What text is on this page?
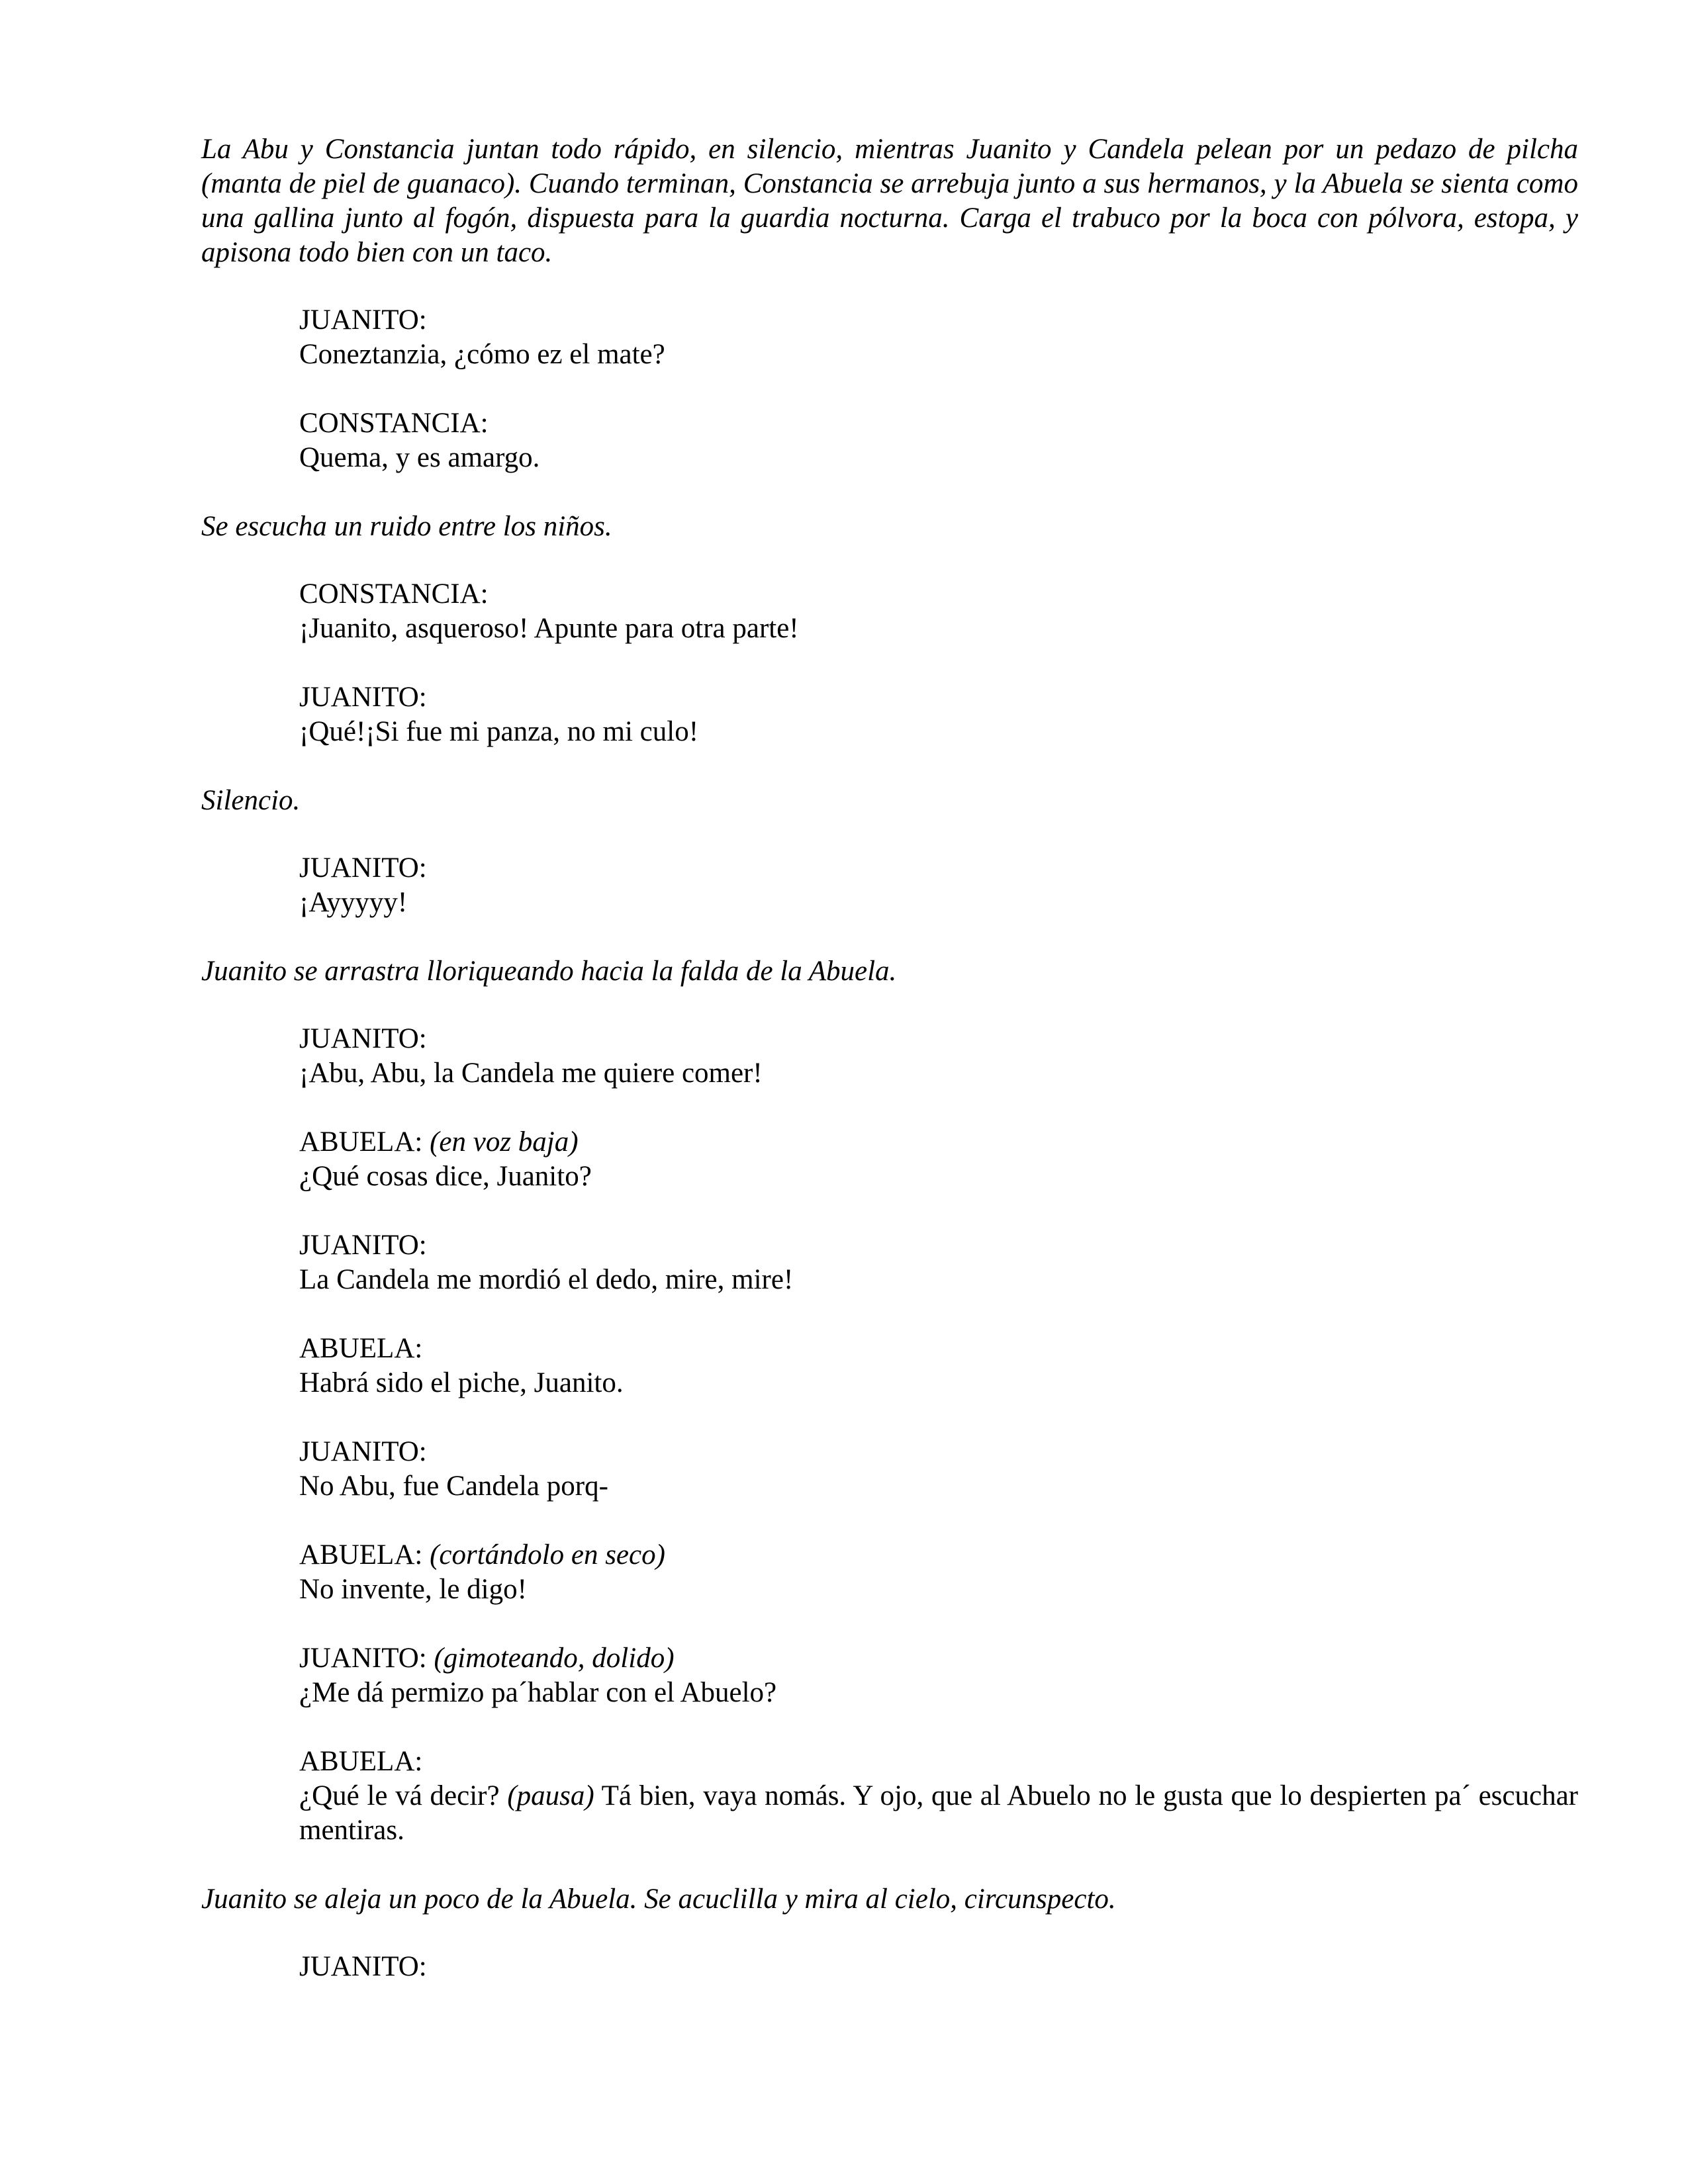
La Abu y Constancia juntan todo rápido, en silencio, mientras Juanito y Candela pelean por un pedazo de pilcha (manta de piel de guanaco). Cuando terminan, Constancia se arrebuja junto a sus hermanos, y la Abuela se sienta como una gallina junto al fogón, dispuesta para la guardia nocturna. Carga el trabuco por la boca con pólvora, estopa, y apisona todo bien con un taco.

JUANITO:
Coneztanzia, ¿cómo ez el mate?
CONSTANCIA:
Quema, y es amargo.

Se escucha un ruido entre los niños.

CONSTANCIA:
¡Juanito, asqueroso! Apunte para otra parte!
JUANITO:
¡Qué!¡Si fue mi panza, no mi culo!

Silencio.

JUANITO:
¡Ayyyyy!

Juanito se arrastra lloriqueando hacia la falda de la Abuela.

JUANITO:
¡Abu, Abu, la Candela me quiere comer!
ABUELA: (en voz baja)
¿Qué cosas dice, Juanito?
JUANITO:
La Candela me mordió el dedo, mire, mire!
ABUELA:
Habrá sido el piche, Juanito.
JUANITO:
No Abu, fue Candela porq-
ABUELA: (cortándolo en seco)
No invente, le digo!
JUANITO: (gimoteando, dolido)
¿Me dá permizo pa´hablar con el Abuelo?
ABUELA:
¿Qué le vá decir? (pausa) Tá bien, vaya nomás. Y ojo, que al Abuelo no le gusta que lo despierten pa´ escuchar mentiras.

Juanito se aleja un poco de la Abuela. Se acuclilla y mira al cielo, circunspecto.

JUANITO:
